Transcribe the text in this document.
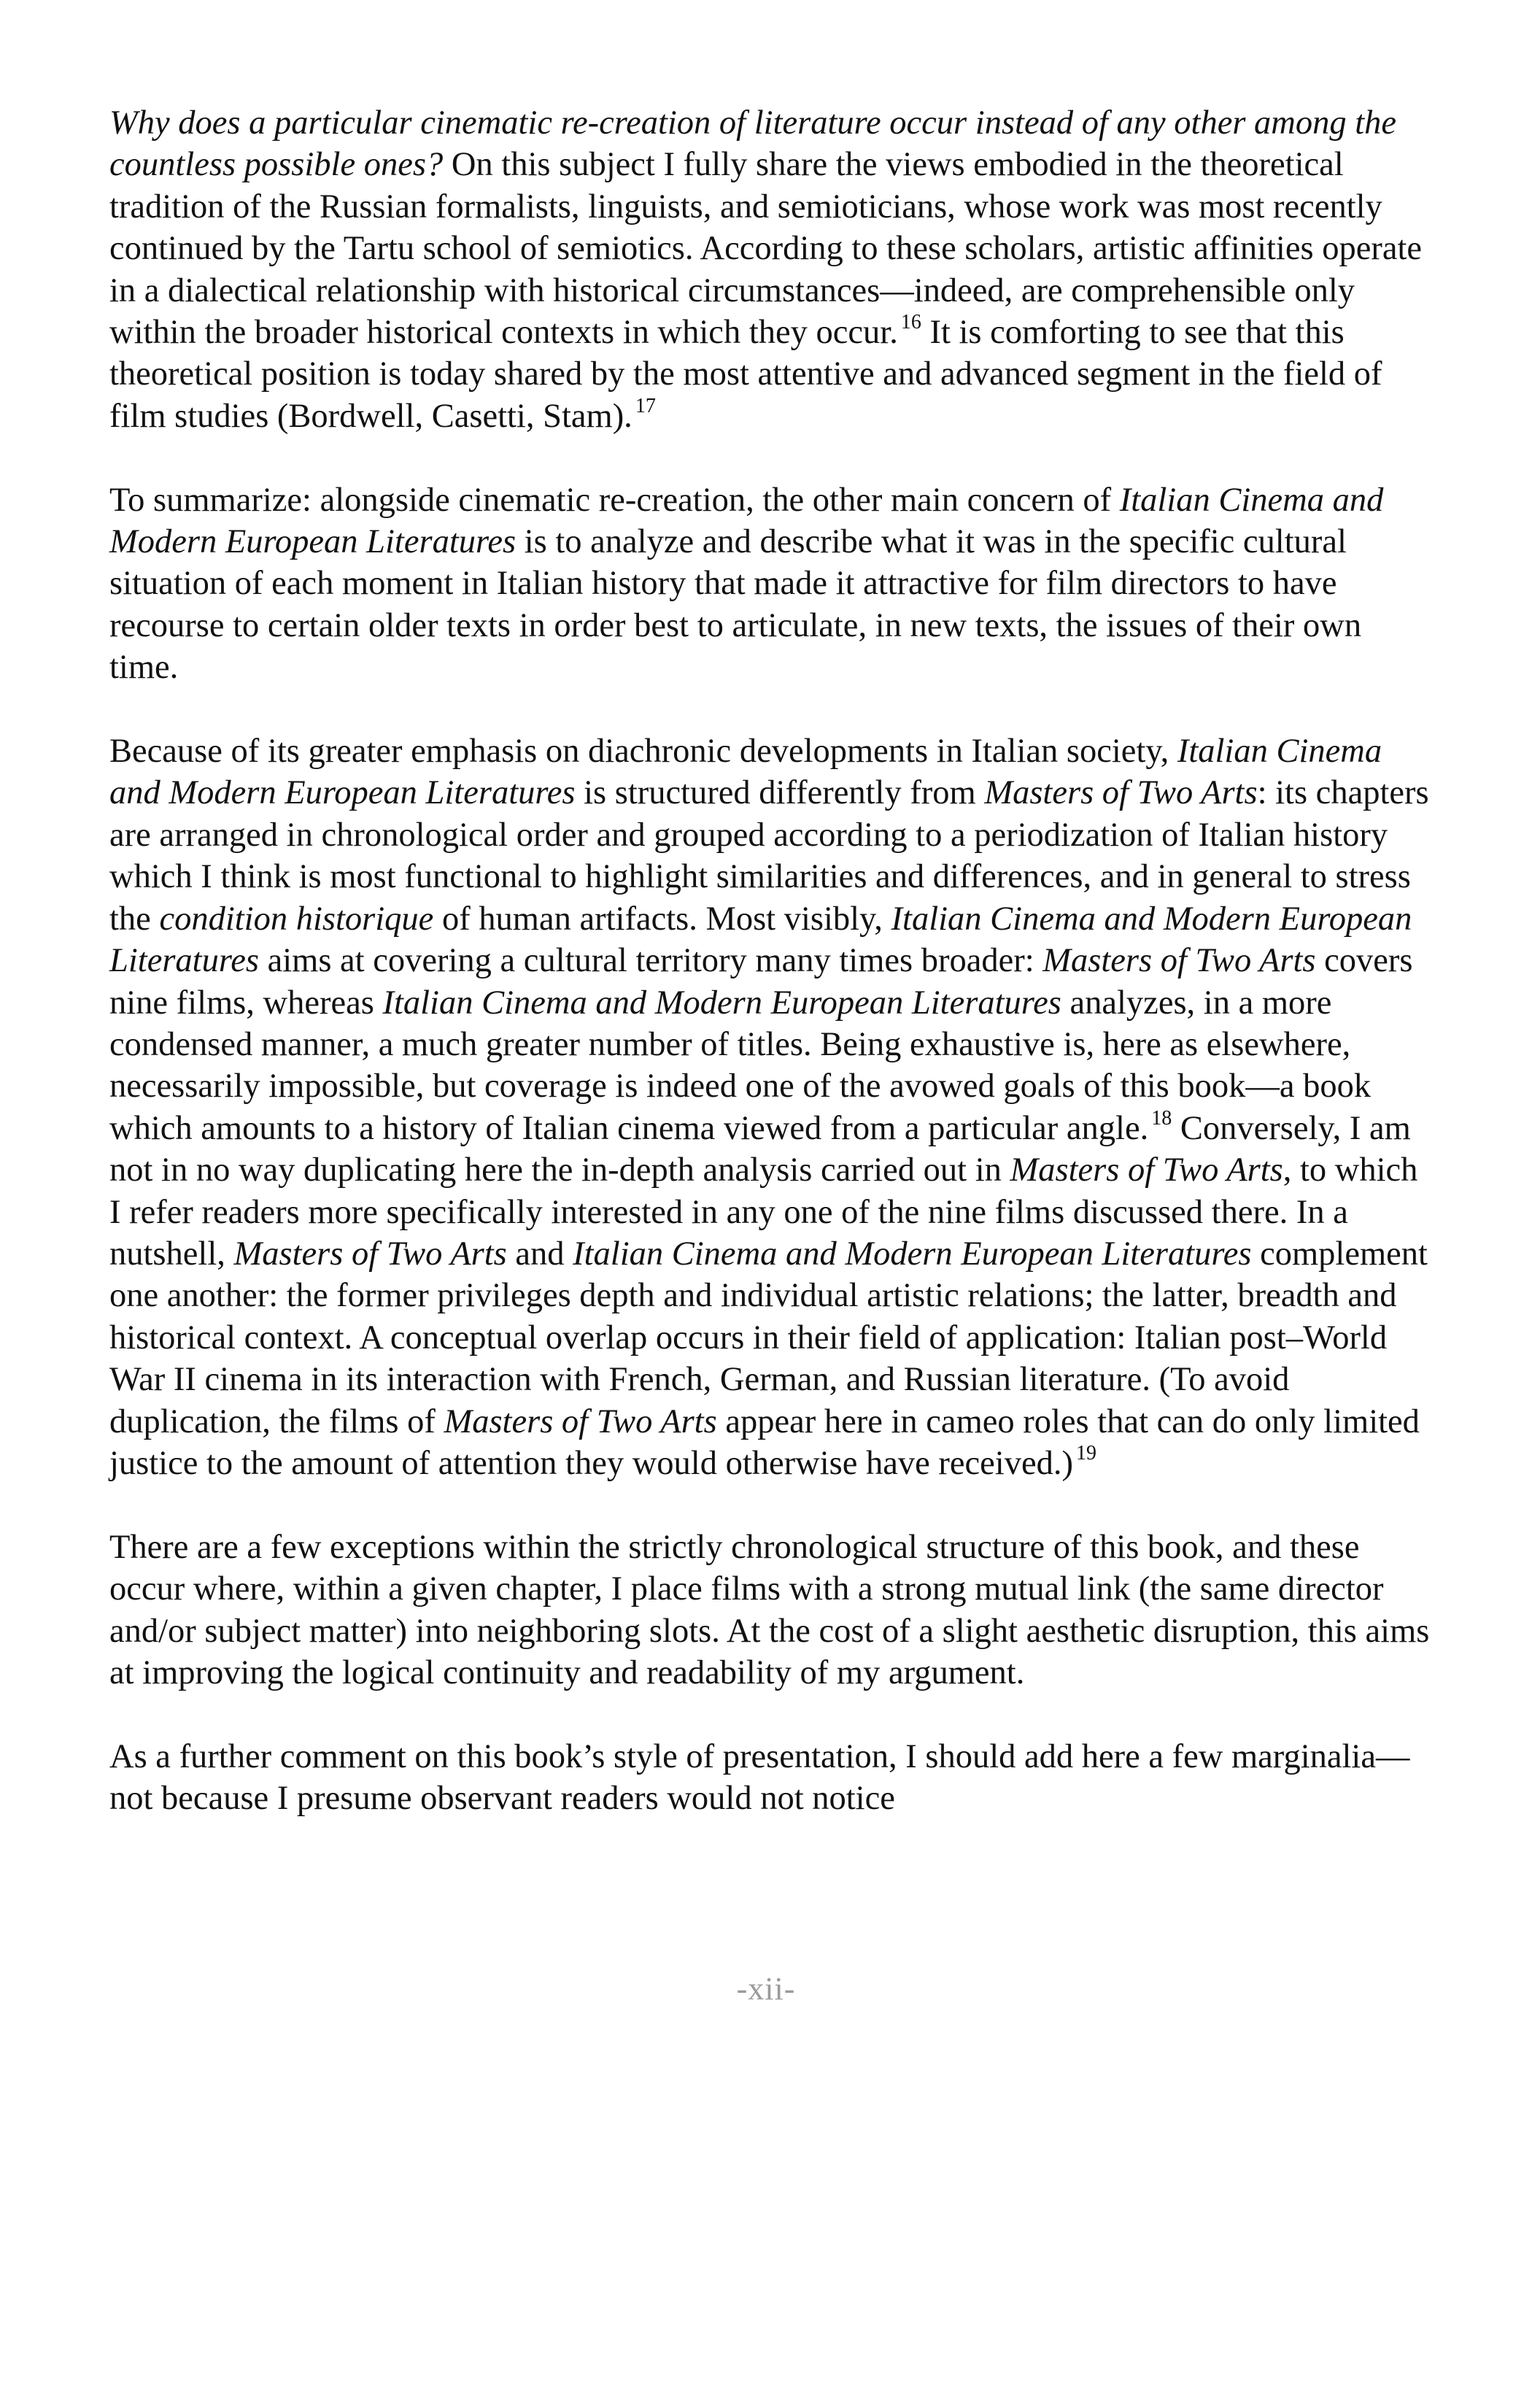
Why does a particular cinematic re-creation of literature occur instead of any other among the countless possible ones? On this subject I fully share the views embodied in the theoretical tradition of the Russian formalists, linguists, and semioticians, whose work was most recently continued by the Tartu school of semiotics. According to these scholars, artistic affinities operate in a dialectical relationship with historical circumstances—indeed, are comprehensible only within the broader historical contexts in which they occur. $^{16}$ It is comforting to see that this theoretical position is today shared by the most attentive and advanced segment in the field of film studies (Bordwell, Casetti, Stam). $^{17}$

To summarize: alongside cinematic re-creation, the other main concern of Italian Cinema and Modern European Literatures is to analyze and describe what it was in the specific cultural situation of each moment in Italian history that made it attractive for film directors to have recourse to certain older texts in order best to articulate, in new texts, the issues of their own time.

Because of its greater emphasis on diachronic developments in Italian society, Italian Cinema and Modern European Literatures is structured differently from Masters of Two Arts: its chapters are arranged in chronological order and grouped according to a periodization of Italian history which I think is most functional to highlight similarities and differences, and in general to stress the condition historique of human artifacts. Most visibly, Italian Cinema and Modern European Literatures aims at covering a cultural territory many times broader: Masters of Two Arts covers nine films, whereas Italian Cinema and Modern European Literatures analyzes, in a more condensed manner, a much greater number of titles. Being exhaustive is, here as elsewhere, necessarily impossible, but coverage is indeed one of the avowed goals of this book—a book which amounts to a history of Italian cinema viewed from a particular angle. $^{18}$ Conversely, I am not in no way duplicating here the in-depth analysis carried out in Masters of Two Arts, to which I refer readers more specifically interested in any one of the nine films discussed there. In a nutshell, Masters of Two Arts and Italian Cinema and Modern European Literatures complement one another: the former privileges depth and individual artistic relations; the latter, breadth and historical context. A conceptual overlap occurs in their field of application: Italian post–World War II cinema in its interaction with French, German, and Russian literature. (To avoid duplication, the films of Masters of Two Arts appear here in cameo roles that can do only limited justice to the amount of attention they would otherwise have received.) $^{19}$

There are a few exceptions within the strictly chronological structure of this book, and these occur where, within a given chapter, I place films with a strong mutual link (the same director and/or subject matter) into neighboring slots. At the cost of a slight aesthetic disruption, this aims at improving the logical continuity and readability of my argument.

As a further comment on this book’s style of presentation, I should add here a few marginalia—not because I presume observant readers would not notice

-xii-
